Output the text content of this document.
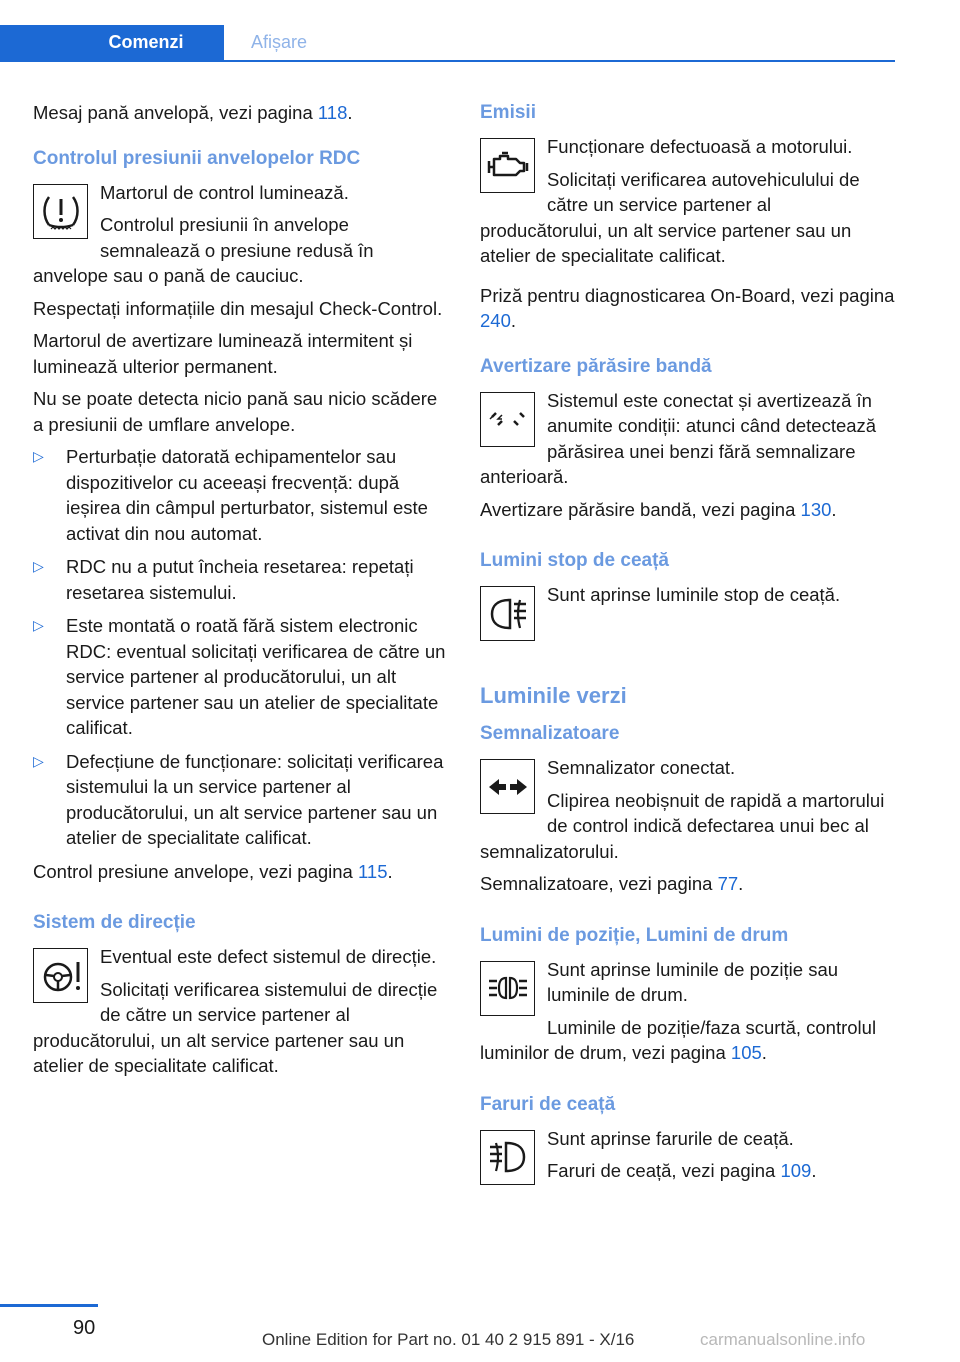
Comenzi	Afișare

Mesaj pană anvelopă, vezi pagina 118.

Controlul presiunii anvelopelor RDC

Martorul de control luminează.

Controlul presiunii în anvelope semnalează o presiune redusă în anvelope sau o pană de cauciuc.

Respectați informațiile din mesajul Check-Control.

Martorul de avertizare luminează intermitent și luminează ulterior permanent.

Nu se poate detecta nicio pană sau nicio scădere a presiunii de umflare anvelope.

▷ Perturbație datorată echipamentelor sau dispozitivelor cu aceeași frecvență: după ieșirea din câmpul perturbator, sistemul este activat din nou automat.
▷ RDC nu a putut încheia resetarea: repetați resetarea sistemului.
▷ Este montată o roată fără sistem electronic RDC: eventual solicitați verificarea de către un service partener al producătorului, un alt service partener sau un atelier de specialitate calificat.
▷ Defecțiune de funcționare: solicitați verificarea sistemului la un service partener al producătorului, un alt service partener sau un atelier de specialitate calificat.

Control presiune anvelope, vezi pagina 115.

Sistem de direcție

Eventual este defect sistemul de direcție.

Solicitați verificarea sistemului de direcție de către un service partener al producătorului, un alt service partener sau un atelier de specialitate calificat.

Emisii

Funcționare defectuoasă a motorului.

Solicitați verificarea autovehiculului de către un service partener al producătorului, un alt service partener sau un atelier de specialitate calificat.

Priză pentru diagnosticarea On-Board, vezi pagina 240.

Avertizare părăsire bandă

Sistemul este conectat și avertizează în anumite condiții: atunci când detectează părăsirea unei benzi fără semnalizare anterioară.

Avertizare părăsire bandă, vezi pagina 130.

Lumini stop de ceață

Sunt aprinse luminile stop de ceață.

Luminile verzi
Semnalizatoare

Semnalizator conectat.

Clipirea neobișnuit de rapidă a martorului de control indică defectarea unui bec al semnalizatorului.

Semnalizatoare, vezi pagina 77.

Lumini de poziție, Lumini de drum

Sunt aprinse luminile de poziție sau luminile de drum.

Luminile de poziție/faza scurtă, controlul luminilor de drum, vezi pagina 105.

Faruri de ceață

Sunt aprinse farurile de ceață.

Faruri de ceață, vezi pagina 109.

90
Online Edition for Part no. 01 40 2 915 891 - X/16	carmanualsonline.info
